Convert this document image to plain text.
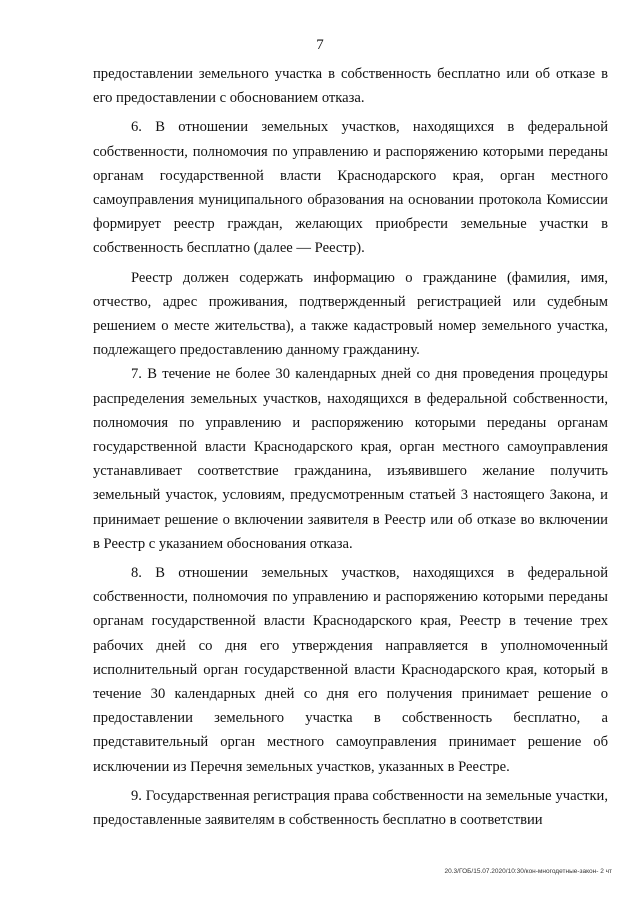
7

предоставлении земельного участка в собственность бесплатно или об отказе в его предоставлении с обоснованием отказа.

6. В отношении земельных участков, находящихся в федеральной собственности, полномочия по управлению и распоряжению которыми переданы органам государственной власти Краснодарского края, орган местного самоуправления муниципального образования на основании протокола Комиссии формирует реестр граждан, желающих приобрести земельные участки в собственность бесплатно (далее — Реестр).

Реестр должен содержать информацию о гражданине (фамилия, имя, отчество, адрес проживания, подтвержденный регистрацией или судебным решением о месте жительства), а также кадастровый номер земельного участка, подлежащего предоставлению данному гражданину.

7. В течение не более 30 календарных дней со дня проведения процедуры распределения земельных участков, находящихся в федеральной собственности, полномочия по управлению и распоряжению которыми переданы органам государственной власти Краснодарского края, орган местного самоуправления устанавливает соответствие гражданина, изъявившего желание получить земельный участок, условиям, предусмотренным статьей 3 настоящего Закона, и принимает решение о включении заявителя в Реестр или об отказе во включении в Реестр с указанием обоснования отказа.

8. В отношении земельных участков, находящихся в федеральной собственности, полномочия по управлению и распоряжению которыми переданы органам государственной власти Краснодарского края, Реестр в течение трех рабочих дней со дня его утверждения направляется в уполномоченный исполнительный орган государственной власти Краснодарского края, который в течение 30 календарных дней со дня его получения принимает решение о предоставлении земельного участка в собственность бесплатно, а представительный орган местного самоуправления принимает решение об исключении из Перечня земельных участков, указанных в Реестре.

9. Государственная регистрация права собственности на земельные участки, предоставленные заявителям в собственность бесплатно в соответствии

20.3/ГОБ/15.07.2020/10:30/кон-многодетные-закон- 2 чт
